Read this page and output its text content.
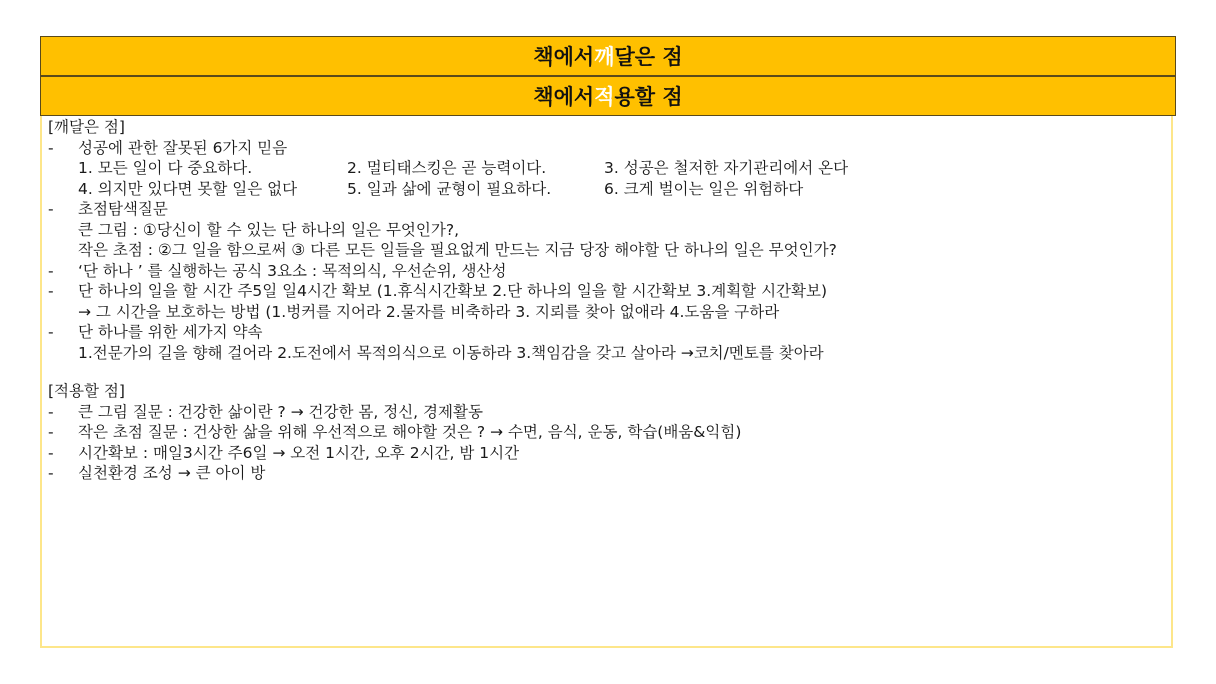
책에서 깨 달은 점
책에서 적 용할 점
[깨달은 점]
- 성공에 관한 잘못된 6가지 믿음
1. 모든 일이 다 중요하다.	2. 멀티태스킹은 곧 능력이다.	3. 성공은 철저한 자기관리에서 온다
4. 의지만 있다면 못할 일은 없다	5. 일과 삶에 균형이 필요하다.	6. 크게 벌이는 일은 위험하다
- 초점탐색질문
큰 그림 : ①당신이 할 수 있는 단 하나의 일은 무엇인가?,
작은 초점 : ②그 일을 함으로써 ③ 다른 모든 일들을 필요없게 만드는 지금 당장 해야할 단 하나의 일은 무엇인가?
- ‘단 하나 ’ 를 실행하는 공식 3요소 : 목적의식, 우선순위, 생산성
- 단 하나의 일을 할 시간 주5일 일4시간 확보 (1.휴식시간확보 2.단 하나의 일을 할 시간확보 3.계획할 시간확보)
→ 그 시간을 보호하는 방법 (1.벙커를 지어라 2.물자를 비축하라 3. 지뢰를 찾아 없애라 4.도움을 구하라
- 단 하나를 위한 세가지 약속
1.전문가의 길을 향해 걸어라 2.도전에서 목적의식으로 이동하라 3.책임감을 갖고 살아라 →코치/멘토를 찾아라
[적용할 점]
- 큰 그림 질문 : 건강한 삶이란 ? → 건강한 몸, 정신, 경제활동
- 작은 초점 질문 : 건상한 삶을 위해 우선적으로 해야할 것은 ? → 수면, 음식, 운동, 학습(배움&익힘)
- 시간확보 : 매일3시간 주6일 → 오전 1시간, 오후 2시간, 밤 1시간
- 실천환경 조성 → 큰 아이 방
